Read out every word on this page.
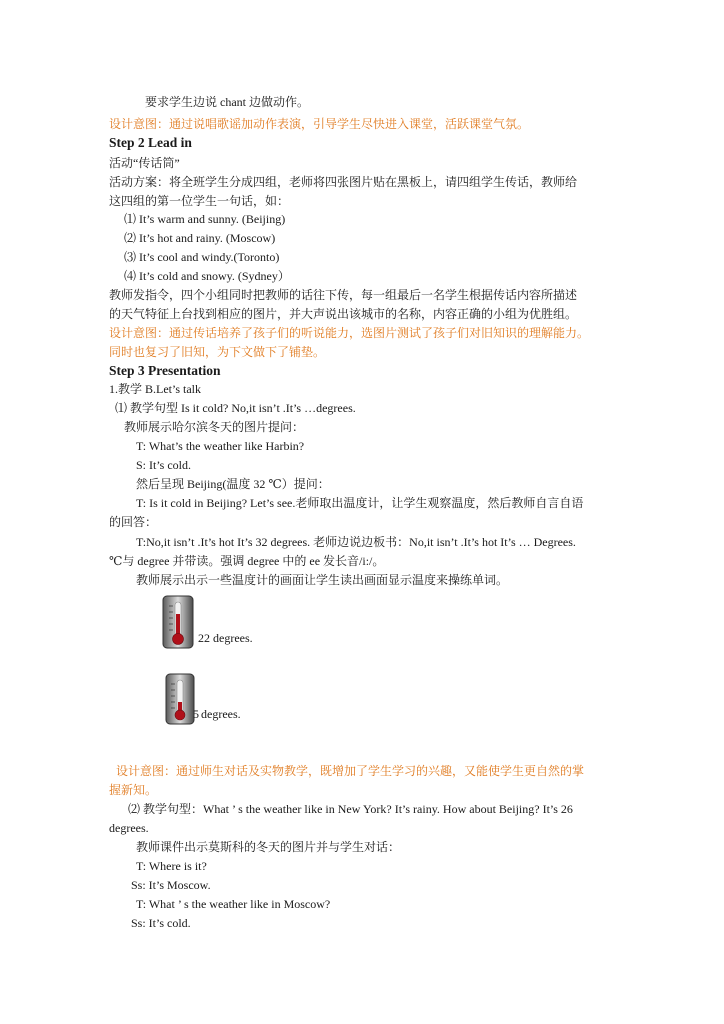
要求学生边说 chant 边做动作。
设计意图：通过说唱歌谣加动作表演，引导学生尽快进入课堂，活跃课堂气氛。
Step 2 Lead in
活动“传话筒”
活动方案：将全班学生分成四组，老师将四张图片贴在黑板上，请四组学生传话，教师给
这四组的第一位学生一句话，如：
⑴ It’s warm and sunny. (Beijing)
⑵ It’s hot and rainy. (Moscow)
⑶ It’s cool and windy.(Toronto)
⑷ It’s cold and snowy. (Sydney）
教师发指令，四个小组同时把教师的话往下传，每一组最后一名学生根据传话内容所描述
的天气特征上台找到相应的图片，并大声说出该城市的名称，内容正确的小组为优胜组。
设计意图：通过传话培养了孩子们的听说能力，选图片测试了孩子们对旧知识的理解能力。
同时也复习了旧知，为下文做下了铺垫。
Step 3 Presentation
1.教学 B.Let’s talk
⑴ 教学句型 Is it cold? No,it isn’t .It’s …degrees.
教师展示哈尔滨冬天的图片提问：
T: What’s the weather like Harbin?
S: It’s cold.
然后呈现 Beijing(温度 32 ℃）提问：
T: Is it cold in Beijing? Let’s see.老师取出温度计，让学生观察温度，然后教师自言自语
的回答：
T:No,it isn’t .It’s hot It’s 32 degrees. 老师边说边板书：No,it isn’t .It’s hot It’s … Degrees.
℃与 degree 并带读。强调 degree 中的 ee 发长音/i:/。
教师展示出示一些温度计的画面让学生读出画面显示温度来操练单词。
22 degrees.
5 degrees.
设计意图：通过师生对话及实物教学，既增加了学生学习的兴趣，又能使学生更自然的掌
握新知。
⑵ 教学句型：What ’ s the weather like in New York? It’s rainy. How about Beijing? It’s 26
degrees.
教师课件出示莫斯科的冬天的图片并与学生对话：
T: Where is it?
Ss: It’s Moscow.
T: What ’ s the weather like in Moscow?
Ss: It’s cold.
